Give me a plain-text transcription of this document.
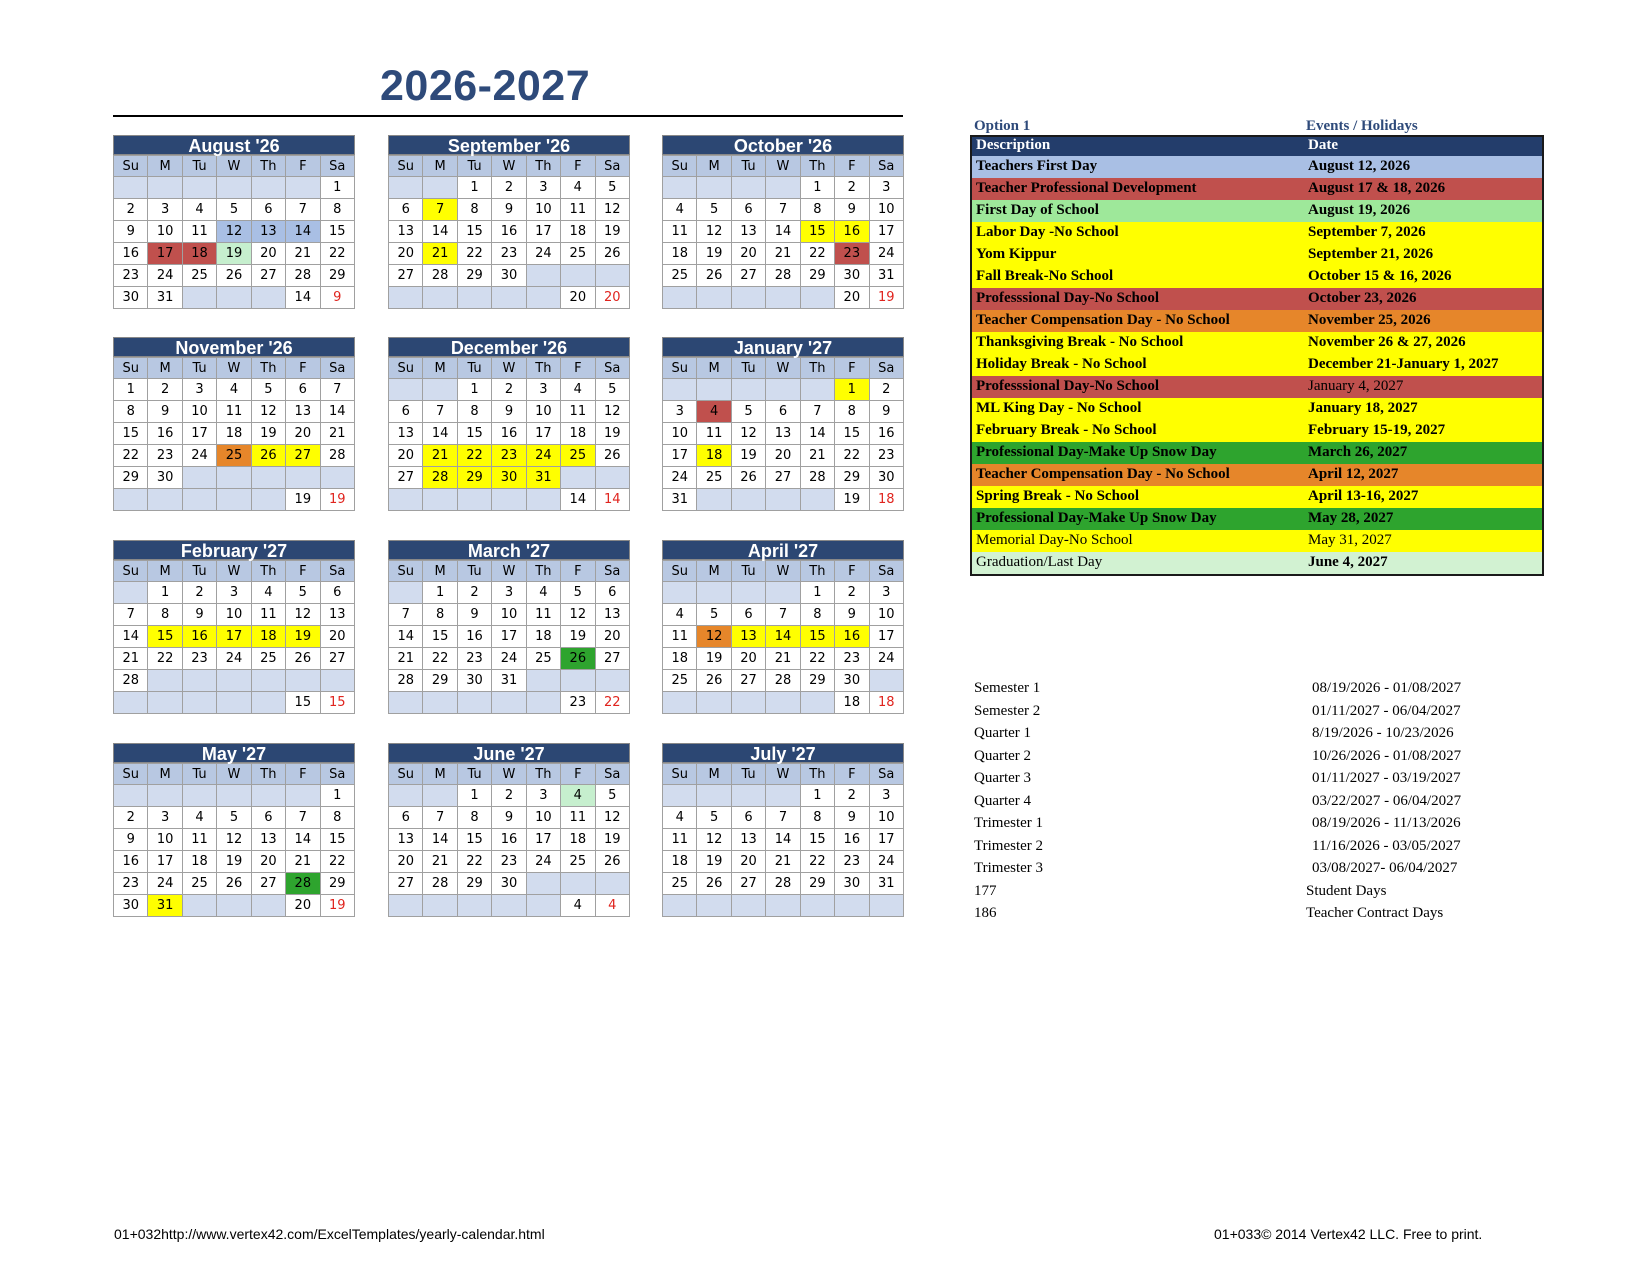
2026-2027
August '26
Su	M	Tu	W	Th	F	Sa
						1
2	3	4	5	6	7	8
9	10	11	12	13	14	15
16	17	18	19	20	21	22
23	24	25	26	27	28	29
30	31				14	9
September '26
Su	M	Tu	W	Th	F	Sa
		1	2	3	4	5
6	7	8	9	10	11	12
13	14	15	16	17	18	19
20	21	22	23	24	25	26
27	28	29	30			
					20	20
October '26
Su	M	Tu	W	Th	F	Sa
				1	2	3
4	5	6	7	8	9	10
11	12	13	14	15	16	17
18	19	20	21	22	23	24
25	26	27	28	29	30	31
					20	19
November '26
Su	M	Tu	W	Th	F	Sa
1	2	3	4	5	6	7
8	9	10	11	12	13	14
15	16	17	18	19	20	21
22	23	24	25	26	27	28
29	30					
					19	19
December '26
Su	M	Tu	W	Th	F	Sa
		1	2	3	4	5
6	7	8	9	10	11	12
13	14	15	16	17	18	19
20	21	22	23	24	25	26
27	28	29	30	31		
					14	14
January '27
Su	M	Tu	W	Th	F	Sa
					1	2
3	4	5	6	7	8	9
10	11	12	13	14	15	16
17	18	19	20	21	22	23
24	25	26	27	28	29	30
31					19	18
February '27
Su	M	Tu	W	Th	F	Sa
	1	2	3	4	5	6
7	8	9	10	11	12	13
14	15	16	17	18	19	20
21	22	23	24	25	26	27
28						
					15	15
March '27
Su	M	Tu	W	Th	F	Sa
	1	2	3	4	5	6
7	8	9	10	11	12	13
14	15	16	17	18	19	20
21	22	23	24	25	26	27
28	29	30	31			
					23	22
April '27
Su	M	Tu	W	Th	F	Sa
				1	2	3
4	5	6	7	8	9	10
11	12	13	14	15	16	17
18	19	20	21	22	23	24
25	26	27	28	29	30	
					18	18
May '27
Su	M	Tu	W	Th	F	Sa
						1
2	3	4	5	6	7	8
9	10	11	12	13	14	15
16	17	18	19	20	21	22
23	24	25	26	27	28	29
30	31				20	19
June '27
Su	M	Tu	W	Th	F	Sa
		1	2	3	4	5
6	7	8	9	10	11	12
13	14	15	16	17	18	19
20	21	22	23	24	25	26
27	28	29	30			
					4	4
July '27
Su	M	Tu	W	Th	F	Sa
				1	2	3
4	5	6	7	8	9	10
11	12	13	14	15	16	17
18	19	20	21	22	23	24
25	26	27	28	29	30	31

Option 1	Events / Holidays
Description	Date
Teachers First Day	August 12, 2026
Teacher Professional Development	August 17 & 18, 2026
First Day of School	August 19, 2026
Labor Day -No School	September 7, 2026
Yom Kippur	September 21, 2026
Fall Break-No School	October 15 & 16, 2026
Professsional Day-No School	October 23, 2026
Teacher Compensation Day - No School	November 25, 2026
Thanksgiving Break - No School	November 26 & 27, 2026
Holiday Break - No School	December 21-January 1, 2027
Professsional Day-No School	January 4, 2027
ML King Day - No School	January 18, 2027
February Break - No School	February 15-19, 2027
Professional Day-Make Up Snow Day	March 26, 2027
Teacher Compensation Day - No School	April 12, 2027
Spring Break - No School	April 13-16, 2027
Professional Day-Make Up Snow Day	May 28, 2027
Memorial Day-No School	May 31, 2027
Graduation/Last Day	June 4, 2027
Semester 1	08/19/2026 - 01/08/2027
Semester 2	01/11/2027 - 06/04/2027
Quarter 1	8/19/2026 - 10/23/2026
Quarter 2	10/26/2026 - 01/08/2027
Quarter 3	01/11/2027 - 03/19/2027
Quarter 4	03/22/2027 - 06/04/2027
Trimester 1	08/19/2026 - 11/13/2026
Trimester 2	11/16/2026 - 03/05/2027
Trimester 3	03/08/2027- 06/04/2027
177	Student Days
186	Teacher Contract Days
01+032http://www.vertex42.com/ExcelTemplates/yearly-calendar.html	01+033© 2014 Vertex42 LLC. Free to print.
